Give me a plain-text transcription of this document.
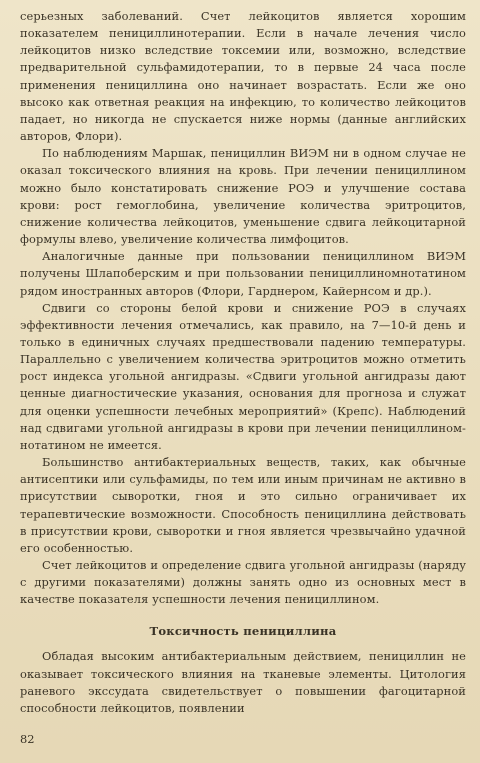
серьезных заболеваний. Счет лейкоцитов является хорошим показателем пенициллинотерапии. Если в начале лечения число лейкоцитов низко вследствие токсемии или, возможно, вследствие предварительной сульфамидотерапии, то в первые 24 часа после применения пенициллина оно начинает возрастать. Если же оно высоко как ответная реакция на инфекцию, то количество лейкоцитов падает, но никогда не спускается ниже нормы (данные английских авторов, Флори).

По наблюдениям Маршак, пенициллин ВИЭМ ни в одном случае не оказал токсического влияния на кровь. При лечении пенициллином можно было констатировать снижение РОЭ и улучшение состава крови: рост гемоглобина, увеличение количества эритроцитов, снижение количества лейкоцитов, уменьшение сдвига лейкоцитарной формулы влево, увеличение количества лимфоцитов.

Аналогичные данные при пользовании пенициллином ВИЭМ получены Шлапоберским и при пользовании пенициллиномнотатином рядом иностранных авторов (Флори, Гарднером, Кайернсом и др.).

Сдвиги со стороны белой крови и снижение РОЭ в случаях эффективности лечения отмечались, как правило, на 7—10-й день и только в единичных случаях предшествовали падению температуры. Параллельно с увеличением количества эритроцитов можно отметить рост индекса угольной ангидразы. «Сдвиги угольной ангидразы дают ценные диагностические указания, основания для прогноза и служат для оценки успешности лечебных мероприятий» (Крепс). Наблюдений над сдвигами угольной ангидразы в крови при лечении пенициллином-нотатином не имеется.

Большинство антибактериальных веществ, таких, как обычные антисептики или сульфамиды, по тем или иным причинам не активно в присутствии сыворотки, гноя и это сильно ограничивает их терапевтические возможности. Способность пенициллина действовать в присутствии крови, сыворотки и гноя является чрезвычайно удачной его особенностью.

Счет лейкоцитов и определение сдвига угольной ангидразы (наряду с другими показателями) должны занять одно из основных мест в качестве показателя успешности лечения пенициллином.

Токсичность пенициллина

Обладая высоким антибактериальным действием, пенициллин не оказывает токсического влияния на тканевые элементы. Цитология раневого экссудата свидетельствует о повышении фагоцитарной способности лейкоцитов, появлении

82
